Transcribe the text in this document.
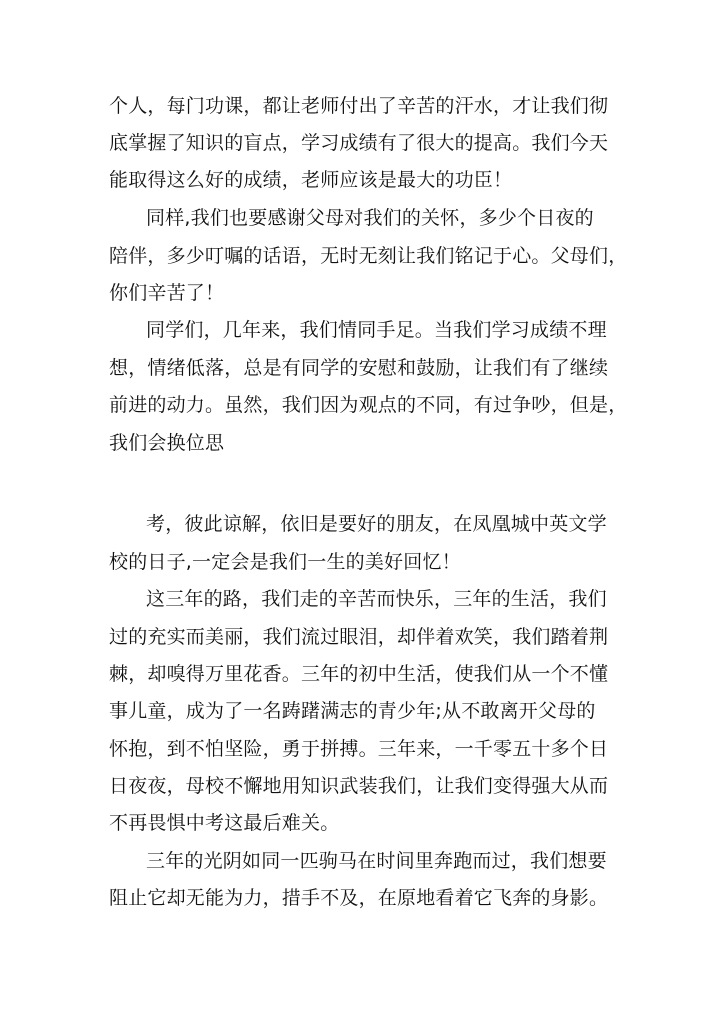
个人，每门功课，都让老师付出了辛苦的汗水，才让我们彻
底掌握了知识的盲点，学习成绩有了很大的提高。我们今天
能取得这么好的成绩，老师应该是最大的功臣！
同样,我们也要感谢父母对我们的关怀，多少个日夜的
陪伴，多少叮嘱的话语，无时无刻让我们铭记于心。父母们，
你们辛苦了！
同学们，几年来，我们情同手足。当我们学习成绩不理
想，情绪低落，总是有同学的安慰和鼓励，让我们有了继续
前进的动力。虽然，我们因为观点的不同，有过争吵，但是，
我们会换位思
考，彼此谅解，依旧是要好的朋友，在凤凰城中英文学
校的日子,一定会是我们一生的美好回忆！
这三年的路，我们走的辛苦而快乐，三年的生活，我们
过的充实而美丽，我们流过眼泪，却伴着欢笑，我们踏着荆
棘，却嗅得万里花香。三年的初中生活，使我们从一个不懂
事儿童，成为了一名踌躇满志的青少年;从不敢离开父母的
怀抱，到不怕坚险，勇于拼搏。三年来，一千零五十多个日
日夜夜，母校不懈地用知识武装我们，让我们变得强大从而
不再畏惧中考这最后难关。
三年的光阴如同一匹驹马在时间里奔跑而过，我们想要
阻止它却无能为力，措手不及，在原地看着它飞奔的身影。
